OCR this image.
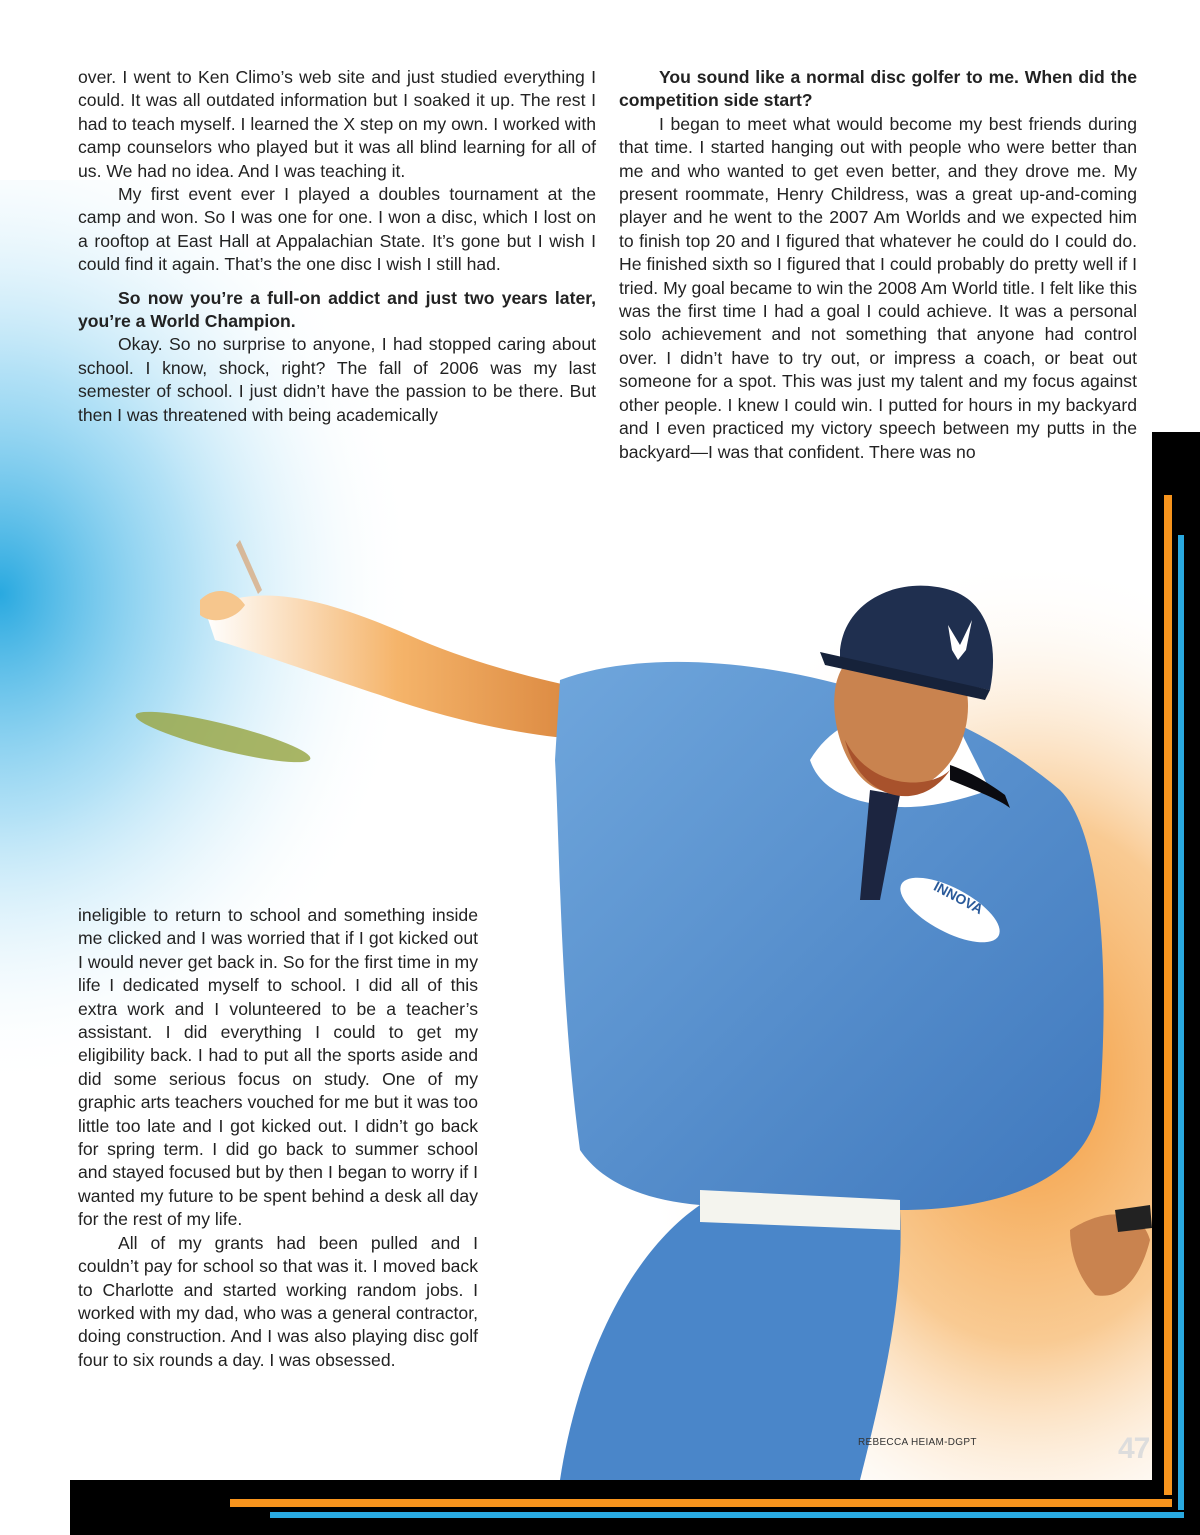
INNOVA

over. I went to Ken Climo’s web site and just studied everything I could. It was all outdated information but I soaked it up. The rest I had to teach myself. I learned the X step on my own. I worked with camp counselors who played but it was all blind learning for all of us. We had no idea. And I was teaching it.

My first event ever I played a doubles tournament at the camp and won. So I was one for one. I won a disc, which I lost on a rooftop at East Hall at Appalachian State. It’s gone but I wish I could find it again. That’s the one disc I wish I still had.

So now you’re a full-on addict and just two years later, you’re a World Champion.

Okay. So no surprise to anyone, I had stopped caring about school. I know, shock, right? The fall of 2006 was my last semester of school. I just didn’t have the passion to be there. But then I was threatened with being academically

You sound like a normal disc golfer to me. When did the competition side start?

I began to meet what would become my best friends during that time. I started hanging out with people who were better than me and who wanted to get even better, and they drove me. My present roommate, Henry Childress, was a great up-and-coming player and he went to the 2007 Am Worlds and we expected him to finish top 20 and I figured that whatever he could do I could do. He finished sixth so I figured that I could probably do pretty well if I tried. My goal became to win the 2008 Am World title. I felt like this was the first time I had a goal I could achieve. It was a personal solo achievement and not something that anyone had control over. I didn’t have to try out, or impress a coach, or beat out someone for a spot. This was just my talent and my focus against other people. I knew I could win. I putted for hours in my backyard and I even practiced my victory speech between my putts in the backyard—I was that confident. There was no

ineligible to return to school and something inside me clicked and I was worried that if I got kicked out I would never get back in. So for the first time in my life I dedicated myself to school. I did all of this extra work and I volunteered to be a teacher’s assistant. I did everything I could to get my eligibility back. I had to put all the sports aside and did some serious focus on study. One of my graphic arts teachers vouched for me but it was too little too late and I got kicked out. I didn’t go back for spring term. I did go back to summer school and stayed focused but by then I began to worry if I wanted my future to be spent behind a desk all day for the rest of my life.

All of my grants had been pulled and I couldn’t pay for school so that was it. I moved back to Charlotte and started working random jobs. I worked with my dad, who was a general contractor, doing construction. And I was also playing disc golf four to six rounds a day. I was obsessed.

REBECCA HEIAM-DGPT	47
